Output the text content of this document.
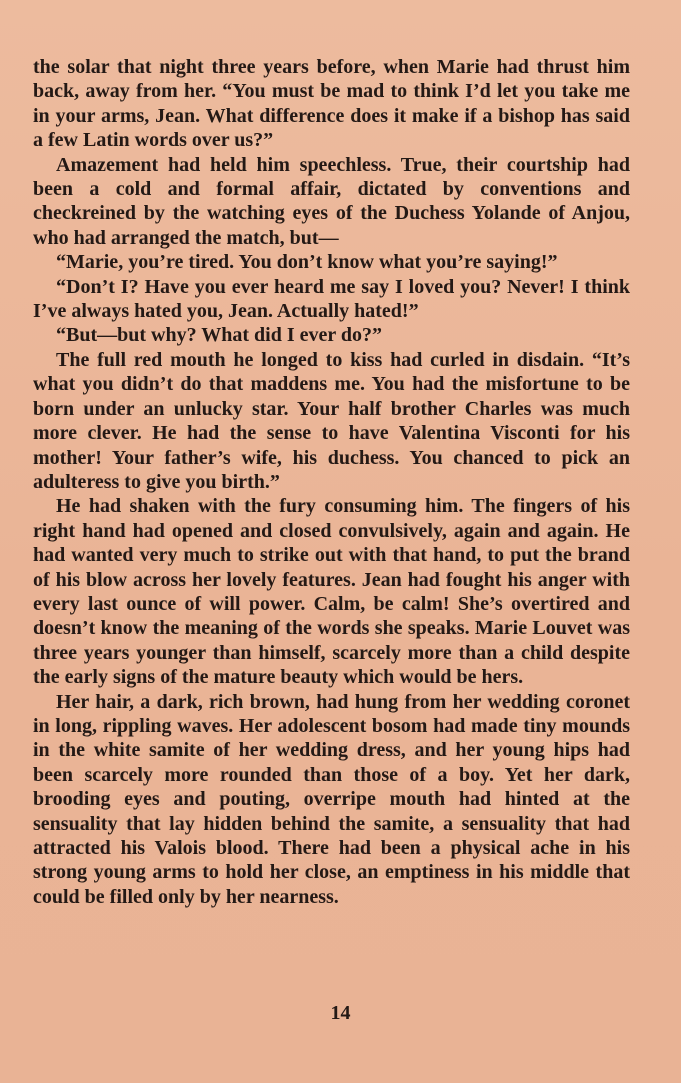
the solar that night three years before, when Marie had thrust him back, away from her. “You must be mad to think I’d let you take me in your arms, Jean. What difference does it make if a bishop has said a few Latin words over us?”

Amazement had held him speechless. True, their courtship had been a cold and formal affair, dictated by conventions and checkreined by the watching eyes of the Duchess Yolande of Anjou, who had arranged the match, but—

“Marie, you’re tired. You don’t know what you’re saying!”

“Don’t I? Have you ever heard me say I loved you? Never! I think I’ve always hated you, Jean. Actually hated!”

“But—but why? What did I ever do?”

The full red mouth he longed to kiss had curled in disdain. “It’s what you didn’t do that maddens me. You had the misfortune to be born under an unlucky star. Your half brother Charles was much more clever. He had the sense to have Valentina Visconti for his mother! Your father’s wife, his duchess. You chanced to pick an adulteress to give you birth.”

He had shaken with the fury consuming him. The fingers of his right hand had opened and closed convulsively, again and again. He had wanted very much to strike out with that hand, to put the brand of his blow across her lovely features. Jean had fought his anger with every last ounce of will power. Calm, be calm! She’s overtired and doesn’t know the meaning of the words she speaks. Marie Louvet was three years younger than himself, scarcely more than a child despite the early signs of the mature beauty which would be hers.

Her hair, a dark, rich brown, had hung from her wedding coronet in long, rippling waves. Her adolescent bosom had made tiny mounds in the white samite of her wedding dress, and her young hips had been scarcely more rounded than those of a boy. Yet her dark, brooding eyes and pouting, overripe mouth had hinted at the sensuality that lay hidden behind the samite, a sensuality that had attracted his Valois blood. There had been a physical ache in his strong young arms to hold her close, an emptiness in his middle that could be filled only by her nearness.

14
